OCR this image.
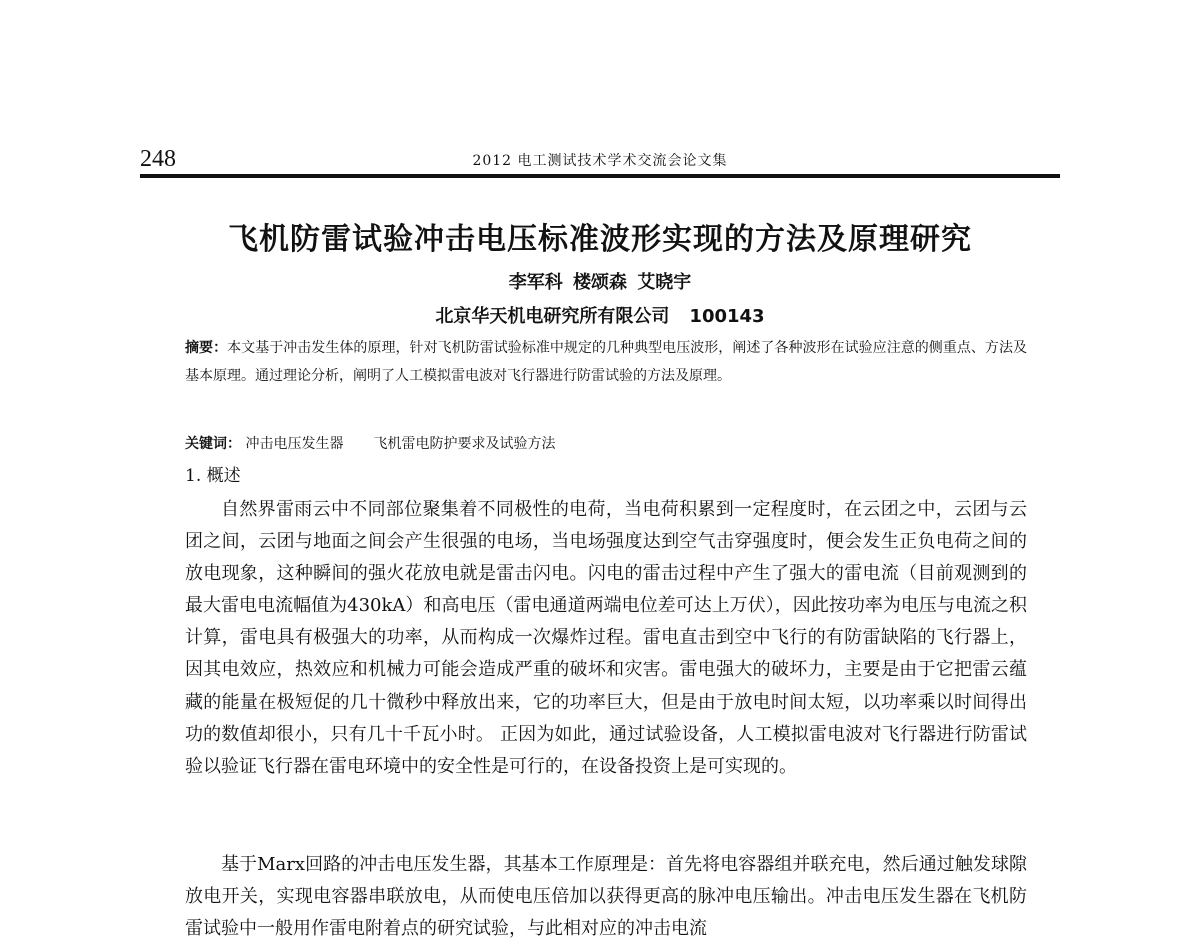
248	2012 电工测试技术学术交流会论文集
飞机防雷试验冲击电压标准波形实现的方法及原理研究
李军科 楼颂森 艾晓宇
北京华天机电研究所有限公司 100143

摘要：本文基于冲击发生体的原理，针对飞机防雷试验标准中规定的几种典型电压波形，阐述了各种波形在试验应注意的侧重点、方法及基本原理。通过理论分析，阐明了人工模拟雷电波对飞行器进行防雷试验的方法及原理。

关键词： 冲击电压发生器 飞机雷电防护要求及试验方法

1. 概述

自然界雷雨云中不同部位聚集着不同极性的电荷，当电荷积累到一定程度时，在云团之中，云团与云团之间，云团与地面之间会产生很强的电场，当电场强度达到空气击穿强度时，便会发生正负电荷之间的放电现象，这种瞬间的强火花放电就是雷击闪电。闪电的雷击过程中产生了强大的雷电流（目前观测到的最大雷电电流幅值为430kA）和高电压（雷电通道两端电位差可达上万伏），因此按功率为电压与电流之积计算，雷电具有极强大的功率，从而构成一次爆炸过程。雷电直击到空中飞行的有防雷缺陷的飞行器上，因其电效应，热效应和机械力可能会造成严重的破坏和灾害。雷电强大的破坏力，主要是由于它把雷云蕴藏的能量在极短促的几十微秒中释放出来，它的功率巨大，但是由于放电时间太短，以功率乘以时间得出功的数值却很小，只有几十千瓦小时。 正因为如此，通过试验设备，人工模拟雷电波对飞行器进行防雷试验以验证飞行器在雷电环境中的安全性是可行的，在设备投资上是可实现的。

基于Marx回路的冲击电压发生器，其基本工作原理是：首先将电容器组并联充电，然后通过触发球隙放电开关，实现电容器串联放电，从而使电压倍加以获得更高的脉冲电压输出。冲击电压发生器在飞机防雷试验中一般用作雷电附着点的研究试验，与此相对应的冲击电流
